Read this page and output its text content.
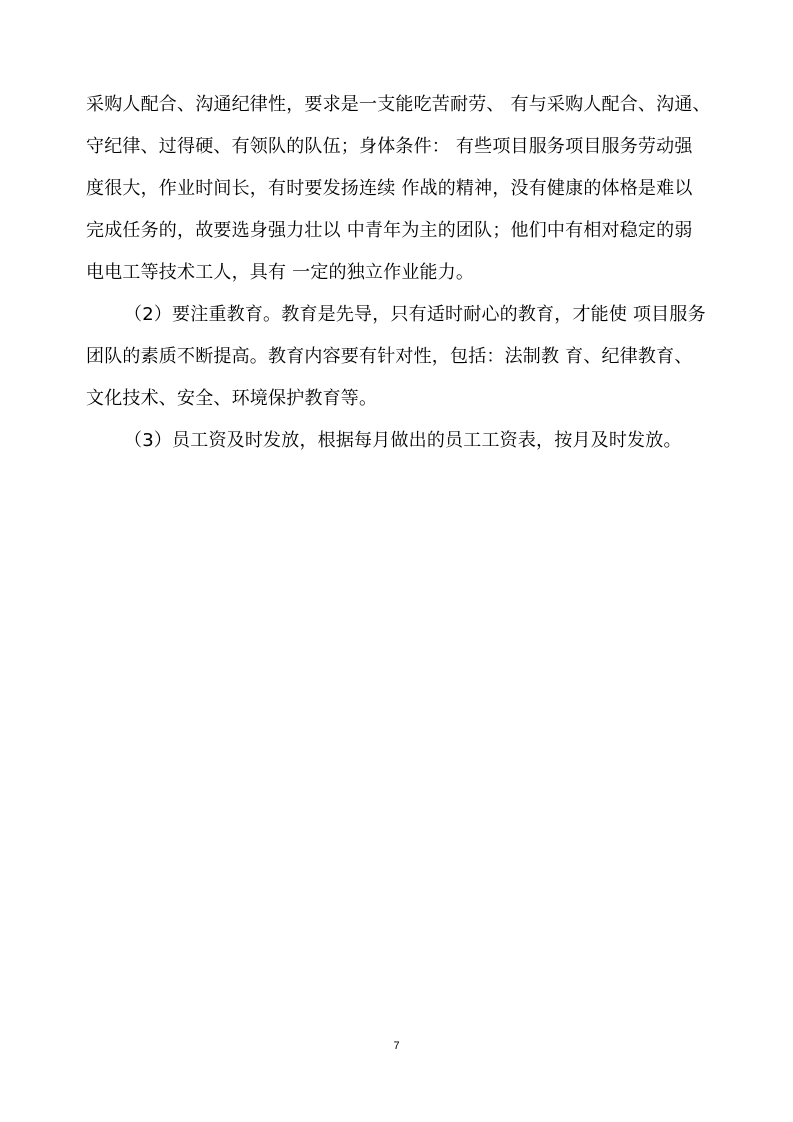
采购人配合、沟通纪律性，要求是一支能吃苦耐劳、 有与采购人配合、沟通、
守纪律、过得硬、有领队的队伍；身体条件： 有些项目服务项目服务劳动强
度很大，作业时间长，有时要发扬连续 作战的精神，没有健康的体格是难以
完成任务的，故要选身强力壮以 中青年为主的团队；他们中有相对稳定的弱
电电工等技术工人，具有 一定的独立作业能力。
（2）要注重教育。教育是先导，只有适时耐心的教育，才能使 项目服务
团队的素质不断提高。教育内容要有针对性，包括：法制教 育、纪律教育、
文化技术、安全、环境保护教育等。
（3）员工资及时发放，根据每月做出的员工工资表，按月及时发放。
7
